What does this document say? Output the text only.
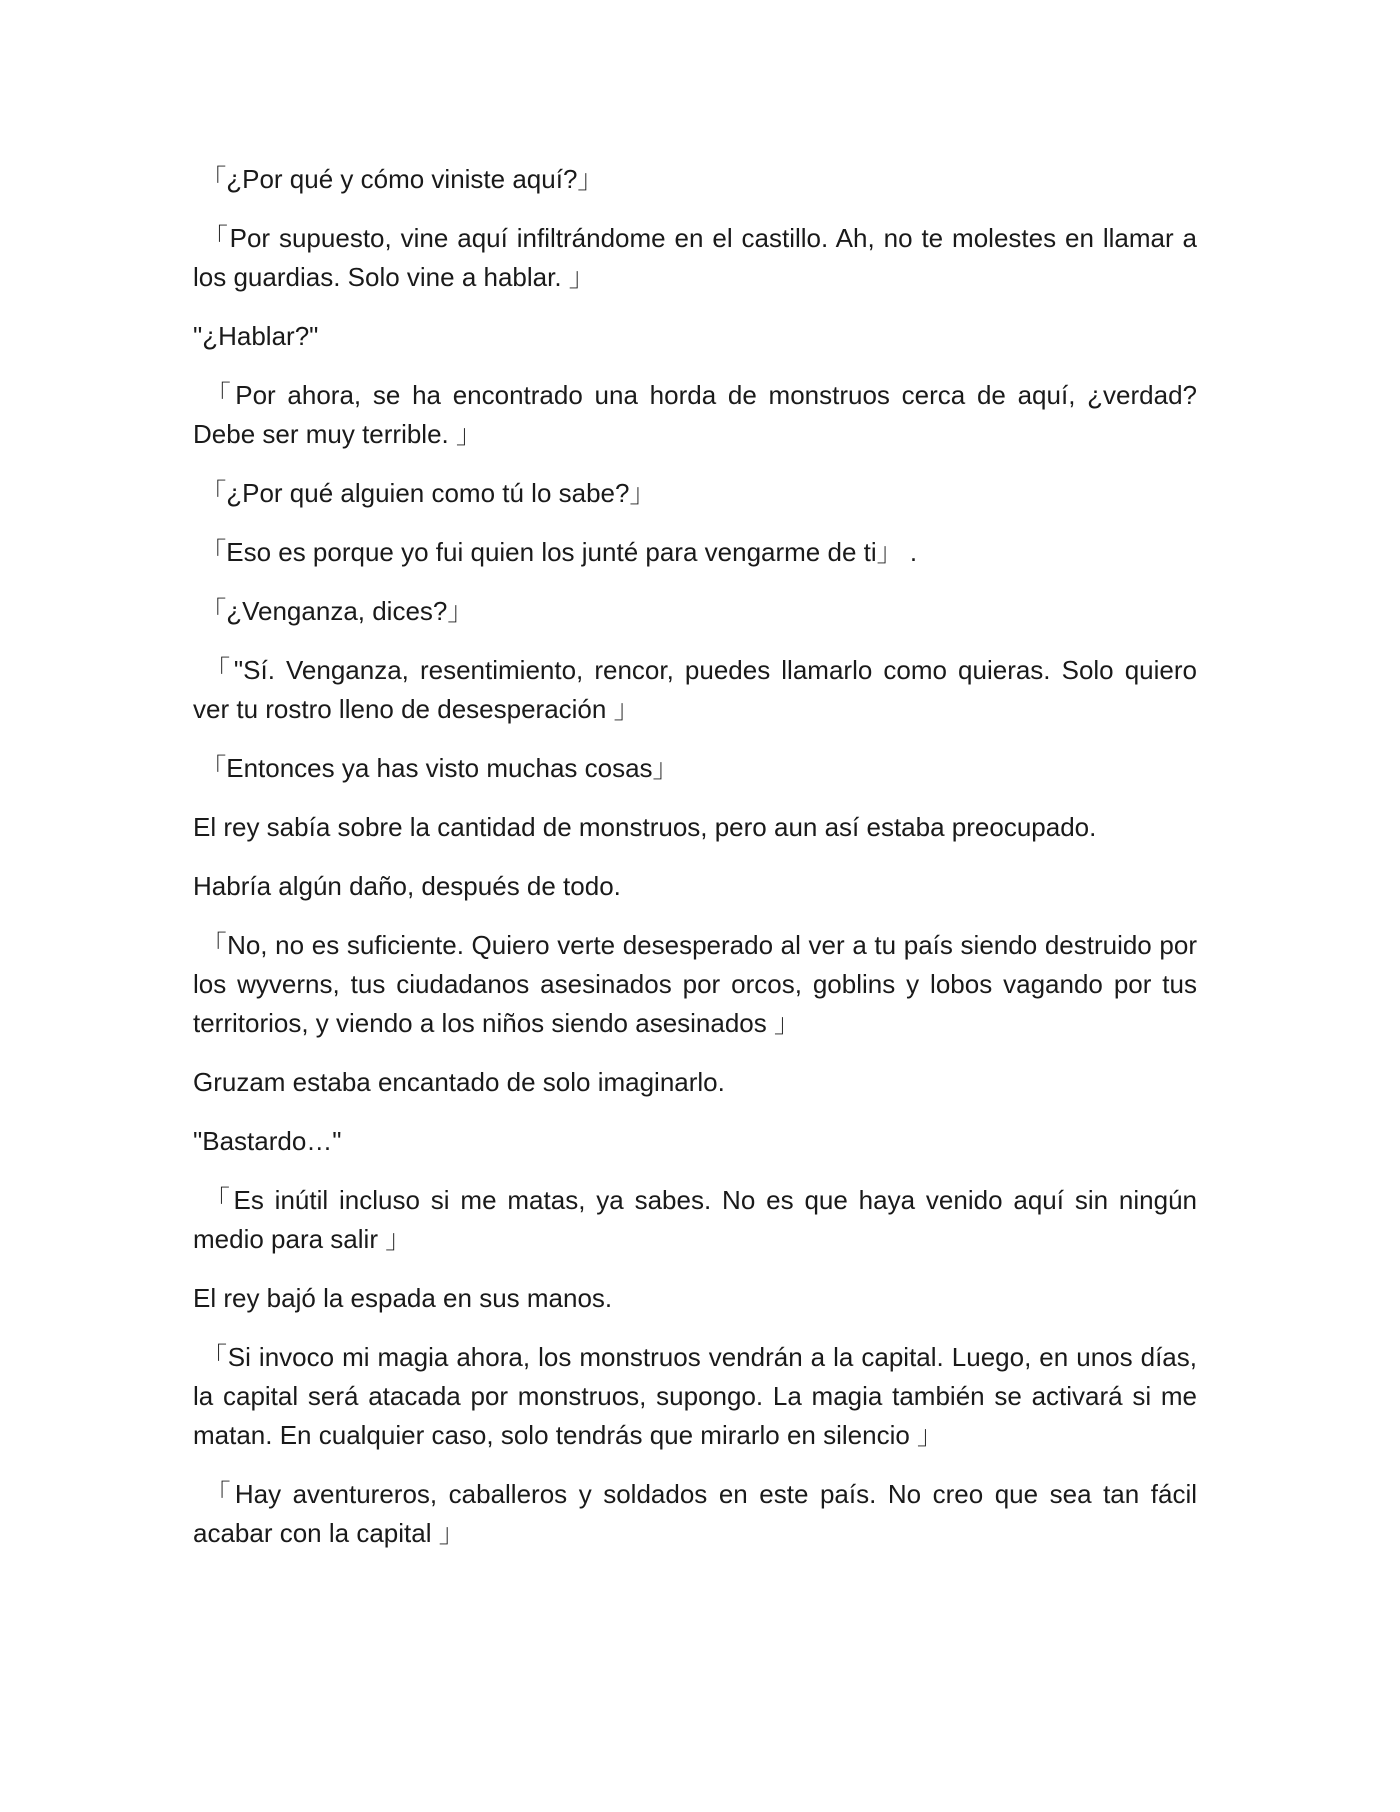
「¿Por qué y cómo viniste aquí?」

「Por supuesto, vine aquí infiltrándome en el castillo. Ah, no te molestes en llamar a los guardias. Solo vine a hablar. 」

"¿Hablar?"

「Por ahora, se ha encontrado una horda de monstruos cerca de aquí, ¿verdad? Debe ser muy terrible. 」

「¿Por qué alguien como tú lo sabe?」

「Eso es porque yo fui quien los junté para vengarme de ti」 .

「¿Venganza, dices?」

「"Sí. Venganza, resentimiento, rencor, puedes llamarlo como quieras. Solo quiero ver tu rostro lleno de desesperación 」

「Entonces ya has visto muchas cosas」

El rey sabía sobre la cantidad de monstruos, pero aun así estaba preocupado.

Habría algún daño, después de todo.

「No, no es suficiente. Quiero verte desesperado al ver a tu país siendo destruido por los wyverns, tus ciudadanos asesinados por orcos, goblins y lobos vagando por tus territorios, y viendo a los niños siendo asesinados 」

Gruzam estaba encantado de solo imaginarlo.

"Bastardo…"

「Es inútil incluso si me matas, ya sabes. No es que haya venido aquí sin ningún medio para salir 」

El rey bajó la espada en sus manos.

「Si invoco mi magia ahora, los monstruos vendrán a la capital. Luego, en unos días, la capital será atacada por monstruos, supongo. La magia también se activará si me matan. En cualquier caso, solo tendrás que mirarlo en silencio 」

「Hay aventureros, caballeros y soldados en este país. No creo que sea tan fácil acabar con la capital 」
